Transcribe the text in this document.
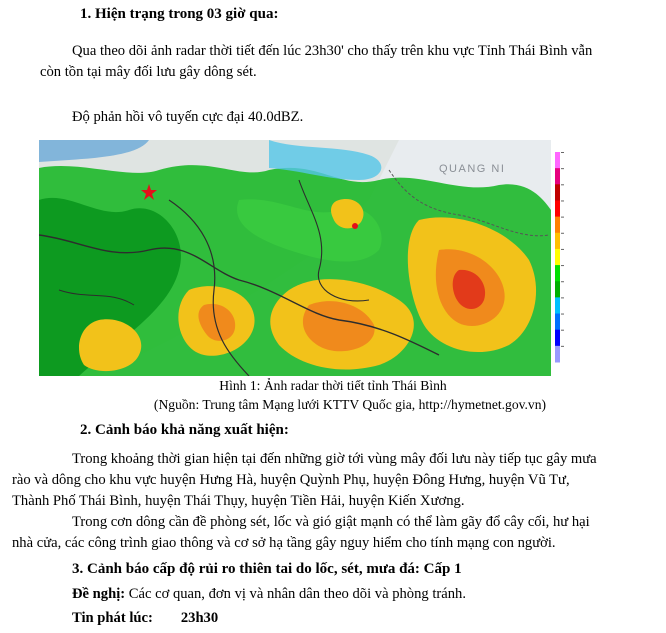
1. Hiện trạng trong 03 giờ qua:
Qua theo dõi ảnh radar thời tiết đến lúc 23h30' cho thấy trên khu vực Tỉnh Thái Bình vẫn
còn tồn tại mây đối lưu gây dông sét.
Độ phản hồi vô tuyến cực đại 40.0dBZ.
QUANG NI
Hình 1: Ảnh radar thời tiết tỉnh Thái Bình
(Nguồn: Trung tâm Mạng lưới KTTV Quốc gia, http://hymetnet.gov.vn)
2. Cảnh báo khả năng xuất hiện:
Trong khoảng thời gian hiện tại đến những giờ tới vùng mây đối lưu này tiếp tục gây mưa
rào và dông cho khu vực huyện Hưng Hà, huyện Quỳnh Phụ, huyện Đông Hưng, huyện Vũ Tư,
Thành Phố Thái Bình, huyện Thái Thụy, huyện Tiền Hải, huyện Kiến Xương.
Trong cơn dông cần đề phòng sét, lốc và gió giật mạnh có thể làm gãy đổ cây cối, hư hại
nhà cửa, các công trình giao thông và cơ sở hạ tầng gây nguy hiểm cho tính mạng con người.
3. Cảnh báo cấp độ rủi ro thiên tai do lốc, sét, mưa đá: Cấp 1
Đề nghị: Các cơ quan, đơn vị và nhân dân theo dõi và phòng tránh.
Tin phát lúc: 23h30
